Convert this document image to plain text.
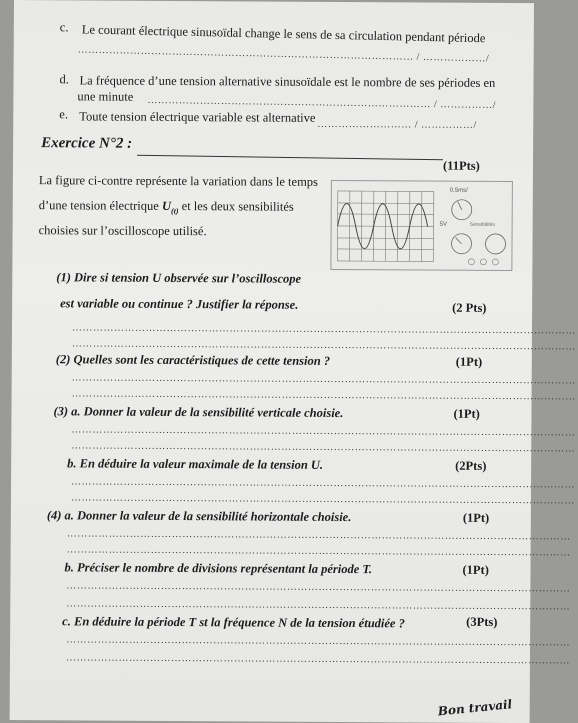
c. Le courant électrique sinusoïdal change le sens de sa circulation pendant période
…………………………………………………………………………………… / ………………/
d. La fréquence d’une tension alternative sinusoïdale est le nombre de ses périodes en
une minute ……………………………………………………………………… / ……………/
e. Toute tension électrique variable est alternative ……………………… / ……………/
Exercice N°2 :
(11Pts)
La figure ci-contre représente la variation dans le temps
d’une tension électrique $U_{(t)}$ et les deux sensibilités
choisies sur l’oscilloscope utilisé.
0,5ms/
5V	Sensibilités
(1) Dire si tension U observée sur l’oscilloscope
est variable ou continue ? Justifier la réponse.	(2 Pts)
………………………………………………………………………………………………………………………………
………………………………………………………………………………………………………………………………
(2) Quelles sont les caractéristiques de cette tension ?	(1Pt)
………………………………………………………………………………………………………………………………
………………………………………………………………………………………………………………………………
(3) a. Donner la valeur de la sensibilité verticale choisie.	(1Pt)
………………………………………………………………………………………………………………………………
………………………………………………………………………………………………………………………………
b. En déduire la valeur maximale de la tension U.	(2Pts)
………………………………………………………………………………………………………………………………
………………………………………………………………………………………………………………………………
(4) a. Donner la valeur de la sensibilité horizontale choisie.	(1Pt)
………………………………………………………………………………………………………………………………
………………………………………………………………………………………………………………………………
b. Préciser le nombre de divisions représentant la période T.	(1Pt)
………………………………………………………………………………………………………………………………
………………………………………………………………………………………………………………………………
c. En déduire la période T st la fréquence N de la tension étudiée ?	(3Pts)
………………………………………………………………………………………………………………………………
………………………………………………………………………………………………………………………………
Bon travail
